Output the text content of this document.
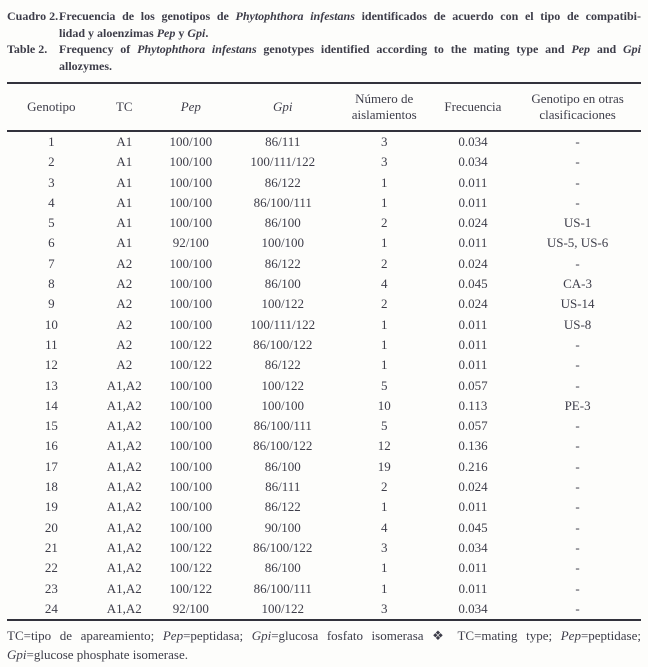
Cuadro 2. Frecuencia de los genotipos de Phytophthora infestans identificados de acuerdo con el tipo de compatibi-
lidad y aloenzimas Pep y Gpi.
Table 2. Frequency of Phytophthora infestans genotypes identified according to the mating type and Pep and Gpi
allozymes.
Genotipo	TC	Pep	Gpi	Número de aislamientos	Frecuencia	Genotipo en otras clasificaciones
1	A1	100/100	86/111	3	0.034	-
2	A1	100/100	100/111/122	3	0.034	-
3	A1	100/100	86/122	1	0.011	-
4	A1	100/100	86/100/111	1	0.011	-
5	A1	100/100	86/100	2	0.024	US-1
6	A1	92/100	100/100	1	0.011	US-5, US-6
7	A2	100/100	86/122	2	0.024	-
8	A2	100/100	86/100	4	0.045	CA-3
9	A2	100/100	100/122	2	0.024	US-14
10	A2	100/100	100/111/122	1	0.011	US-8
11	A2	100/122	86/100/122	1	0.011	-
12	A2	100/122	86/122	1	0.011	-
13	A1,A2	100/100	100/122	5	0.057	-
14	A1,A2	100/100	100/100	10	0.113	PE-3
15	A1,A2	100/100	86/100/111	5	0.057	-
16	A1,A2	100/100	86/100/122	12	0.136	-
17	A1,A2	100/100	86/100	19	0.216	-
18	A1,A2	100/100	86/111	2	0.024	-
19	A1,A2	100/100	86/122	1	0.011	-
20	A1,A2	100/100	90/100	4	0.045	-
21	A1,A2	100/122	86/100/122	3	0.034	-
22	A1,A2	100/122	86/100	1	0.011	-
23	A1,A2	100/122	86/100/111	1	0.011	-
24	A1,A2	92/100	100/122	3	0.034	-
TC=tipo de apareamiento; Pep=peptidasa; Gpi=glucosa fosfato isomerasa ❖ TC=mating type; Pep=peptidase;
Gpi=glucose phosphate isomerase.
